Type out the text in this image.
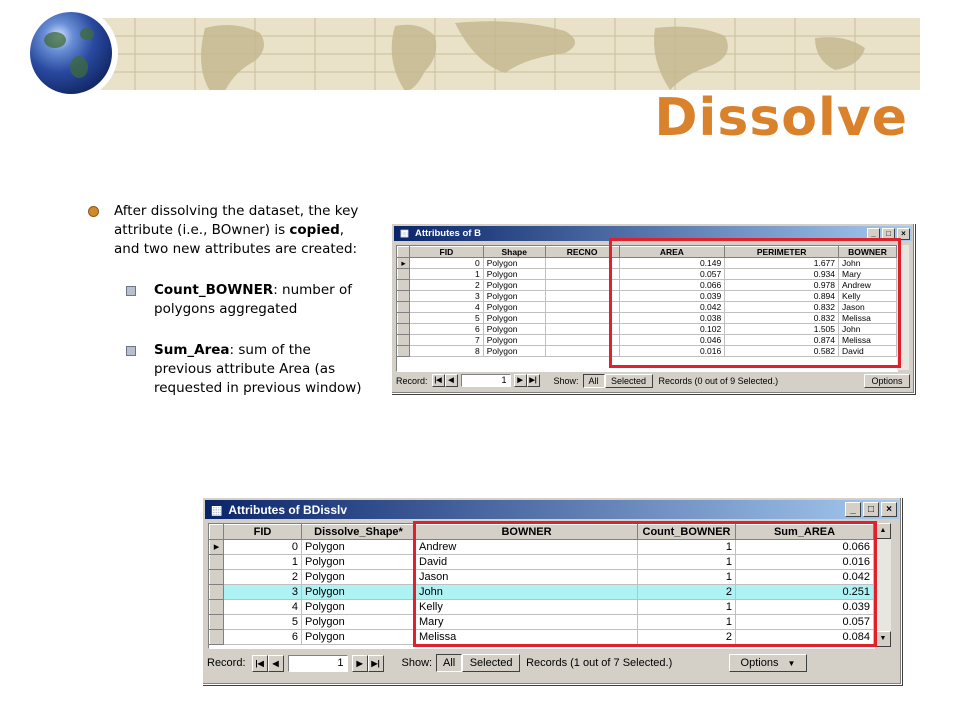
Dissolve
After dissolving the dataset, the key attribute (i.e., BOwner) is copied, and two new attributes are created:
Count_BOWNER: number of polygons aggregated
Sum_Area: sum of the previous attribute Area (as requested in previous window)
▦ Attributes of B	_	□	×
	FID	Shape	RECNO	AREA	PERIMETER	BOWNER
▸	0	Polygon		0.149	1.677	John
	1	Polygon		0.057	0.934	Mary
	2	Polygon		0.066	0.978	Andrew
	3	Polygon		0.039	0.894	Kelly
	4	Polygon		0.042	0.832	Jason
	5	Polygon		0.038	0.832	Melissa
	6	Polygon		0.102	1.505	John
	7	Polygon		0.046	0.874	Melissa
	8	Polygon		0.016	0.582	David
Record: |◀ ◀	1	▶ ▶|	Show:	All	Selected	Records (0 out of 9 Selected.)	Options
▦ Attributes of BDisslv	_	□	×
	FID	Dissolve_Shape*	BOWNER	Count_BOWNER	Sum_AREA
▸	0	Polygon	Andrew	1	0.066
	1	Polygon	David	1	0.016
	2	Polygon	Jason	1	0.042
	3	Polygon	John	2	0.251
	4	Polygon	Kelly	1	0.039
	5	Polygon	Mary	1	0.057
	6	Polygon	Melissa	2	0.084
▲
▼
Record:	|◀	◀	1	▶	▶|	Show: All	Selected	Records (1 out of 7 Selected.)	Options ▼
